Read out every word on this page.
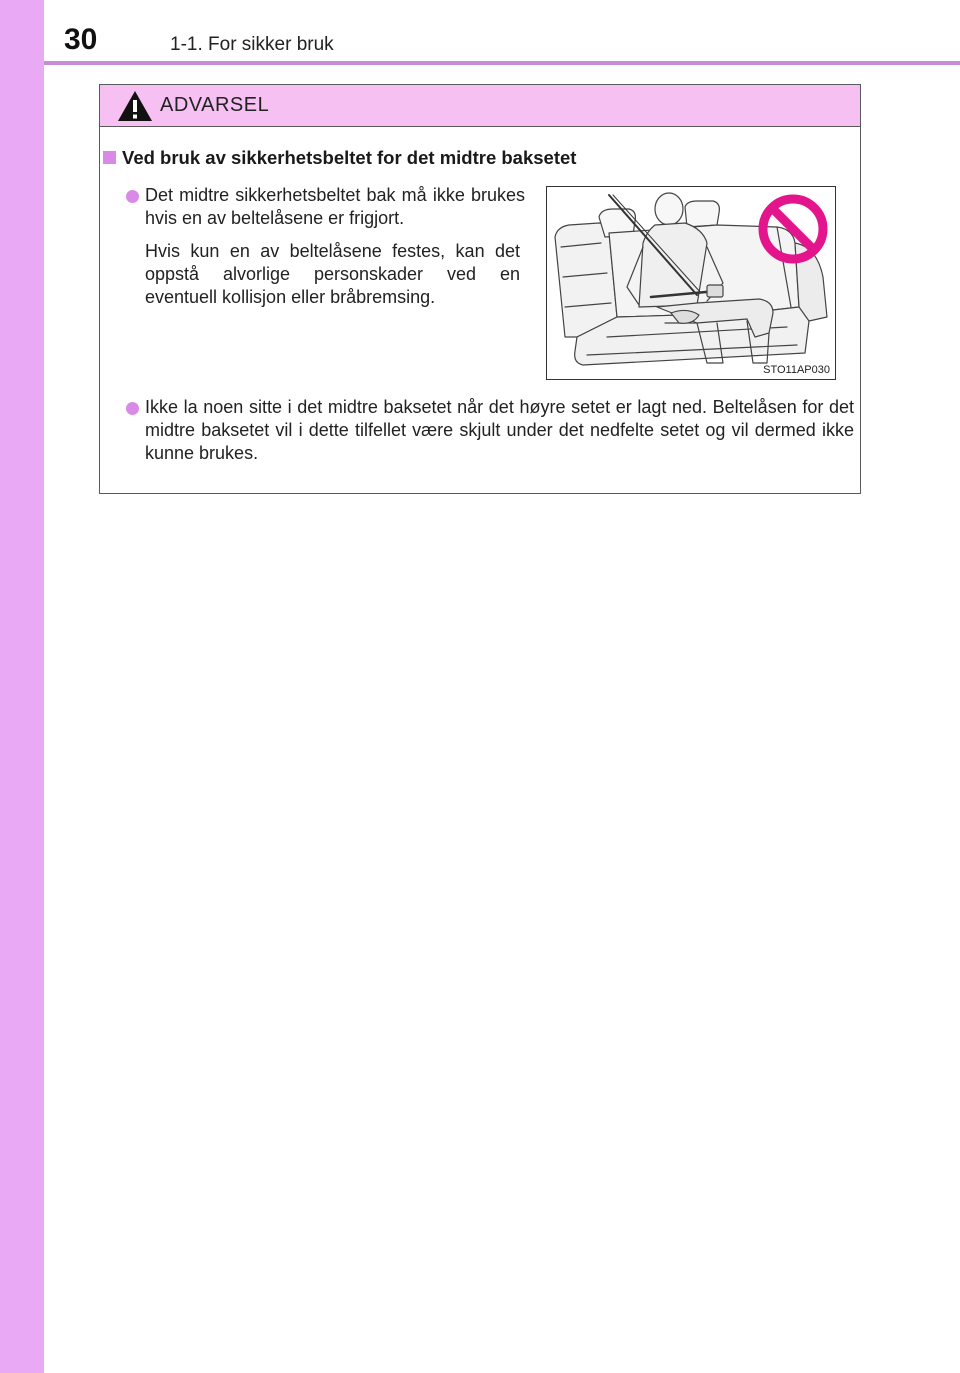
30	1-1. For sikker bruk
ADVARSEL
Ved bruk av sikkerhetsbeltet for det midtre baksetet
Det midtre sikkerhetsbeltet bak må ikke brukes hvis en av beltelåsene er frigjort.
Hvis kun en av beltelåsene festes, kan det oppstå alvorlige personskader ved en eventuell kollisjon eller bråbremsing.
STO11AP030
Ikke la noen sitte i det midtre baksetet når det høyre setet er lagt ned. Beltelåsen for det midtre baksetet vil i dette tilfellet være skjult under det nedfelte setet og vil dermed ikke kunne brukes.
